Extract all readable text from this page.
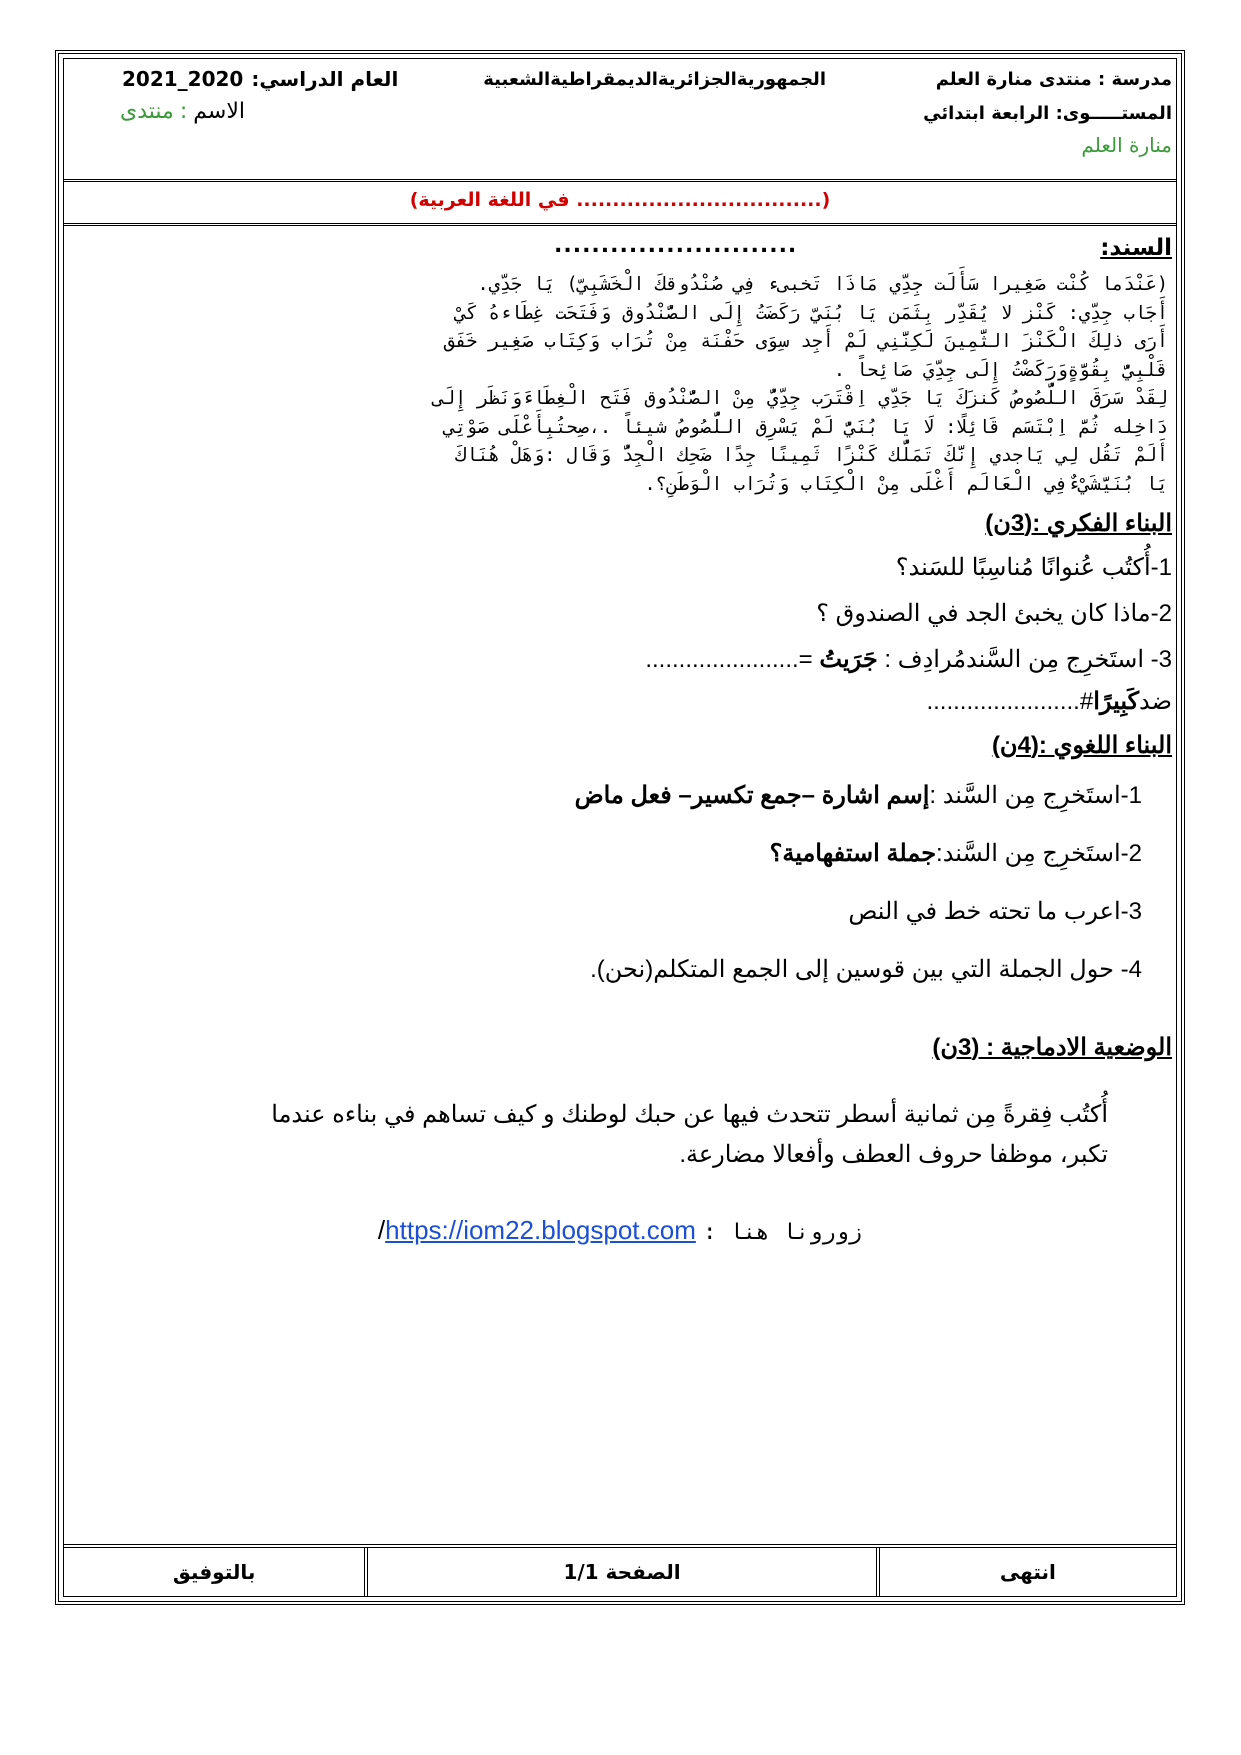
مدرسة : منتدى منارة العلم
الجمهوريةالجزائريةالديمقراطيةالشعبية
العام الدراسي:
2021_2020
المستـــــوى: الرابعة ابتدائي
الاسم
:
منتدى
منارة العلم
(.................................. في اللغة العربية)
السند:
..........................
(عَنْدَما كُنْت صَغِيرا سَأَلَت جِدِّي مَاذَا تَخبىء فِي صُنْدُوقكَ الْخَشَبِيّ) يَا جَدِّي.
أَجَاب جِدِّي: كَنْز لا يُقَدِّر بِثَمَن يَا بُنَيّ رَكَضَتُ إِلَى الصُّنْدُوق وَفَتَحَت غِطَاءهُ كَيْ
أَرَى ذلِكَ الْكَنْزَ الثَّمِينَ لَكِنَّنِي لَمْ أَجِد سِوَى حَفْنَة مِنْ تُرَاب وَكِتَاب صَغِير خَفَق
قَلْبِيُّ بِقُوَّةٍوَرَكَضْتُ إِلَى جِدِّيَ صَائِحاً .
لِقَدْ سَرَقَ اللُّصُوصُ كَنزَكَ يَا جَدِّي اِقْتَرَب جِدِّيُّ مِنْ الصُّنْدُوق فَتَح الْغِطَاءَوَنَظَر إِلَى
دَاخِله ثُمَّ اِبْتَسَم قَائِلًا: لَا يَا بُنَيُّ لَمْ يَسْرِق اللُّصُوصُ شيئاً .،صِحتُبِأَعْلَى صَوْتِي
أَلَمْ تَقُل لِي يَاجدي إِنَّكَ تَمَلُّك كَنْزًا ثَمِينًا جِدًا ضَحِك الْجِدُّ وَقَال :وَهَلْ هُنَاكَ
يَا بُنَيَّشَيْءٌفِي الْعَالَم أَغْلَى مِنْ الْكِتَاب وَتُرَاب الْوَطَنِ؟.
البناء الفكري :(3ن)
1-أُكتُب عُنوانًا مُناسِبًا للسَند؟
2-ماذا كان يخبئ الجد في الصندوق ؟
3- استَخرِج مِن السَّندمُرادِف : جَرَيتُ =.......................
ضدكَبِيرًا#.......................
البناء اللغوي :(4ن)
1-استَخرِج مِن السَّند :إسم اشارة –جمع تكسير– فعل ماض
2-استَخرِج مِن السَّند:جملة استفهامية؟
3-اعرب ما تحته خط في النص
4- حول الجملة التي بين قوسين إلى الجمع المتكلم(نحن).
الوضعية الادماجية : (3ن)
أُكتُب فِقرةً مِن ثمانية أسطر تتحدث فيها عن حبك لوطنك و كيف تساهم في بناءه عندما
تكبر، موظفا حروف العطف وأفعالا مضارعة.
زورونا هنا : https://iom22.blogspot.com/
انتهى
الصفحة 1/1
بالتوفيق
